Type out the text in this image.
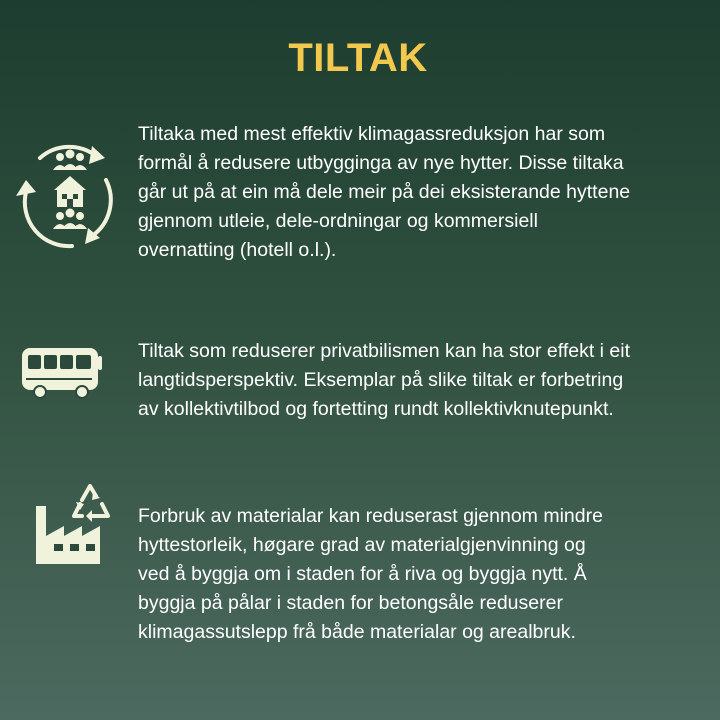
TILTAK

Tiltaka med mest effektiv klimagassreduksjon har som
formål å redusere utbygginga av nye hytter. Disse tiltaka
går ut på at ein må dele meir på dei eksisterande hyttene
gjennom utleie, dele-ordningar og kommersiell
overnatting (hotell o.l.).

Tiltak som reduserer privatbilismen kan ha stor effekt i eit
langtidsperspektiv. Eksemplar på slike tiltak er forbetring
av kollektivtilbod og fortetting rundt kollektivknutepunkt.

Forbruk av materialar kan reduserast gjennom mindre
hyttestorleik, høgare grad av materialgjenvinning og
ved å byggja om i staden for å riva og byggja nytt. Å
byggja på pålar i staden for betongsåle reduserer
klimagassutslepp frå både materialar og arealbruk.
